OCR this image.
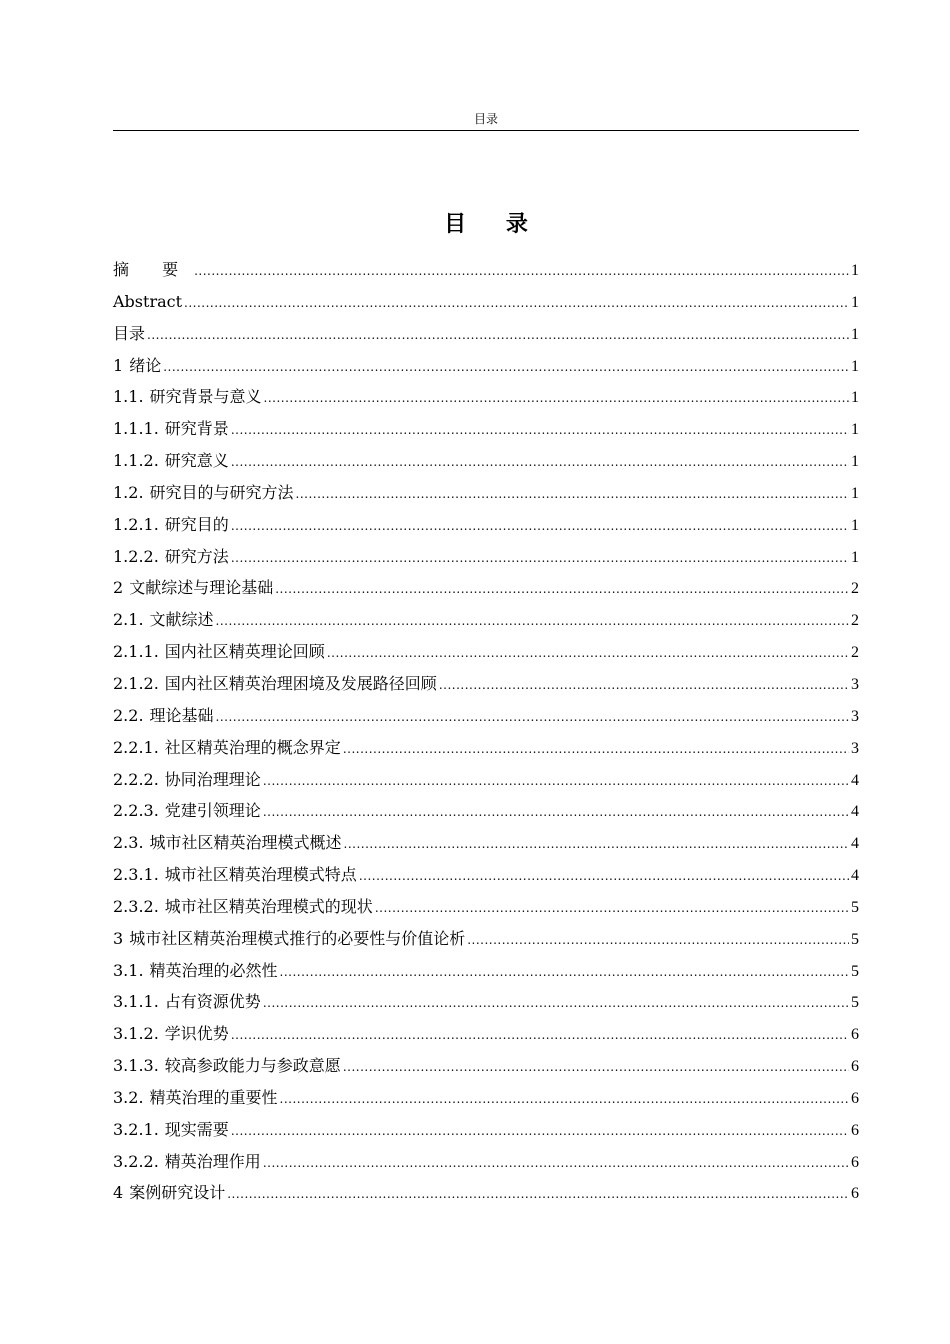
目录
目 录
摘 要 .....	1
Abstract .....	1
目录 .....	1
1 绪论 .....	1
1.1. 研究背景与意义 .....	1
1.1.1. 研究背景 .....	1
1.1.2. 研究意义 .....	1
1.2. 研究目的与研究方法 .....	1
1.2.1. 研究目的 .....	1
1.2.2. 研究方法 .....	1
2 文献综述与理论基础 .....	2
2.1. 文献综述 .....	2
2.1.1. 国内社区精英理论回顾 .....	2
2.1.2. 国内社区精英治理困境及发展路径回顾 .....	3
2.2. 理论基础 .....	3
2.2.1. 社区精英治理的概念界定 .....	3
2.2.2. 协同治理理论 .....	4
2.2.3. 党建引领理论 .....	4
2.3. 城市社区精英治理模式概述 .....	4
2.3.1. 城市社区精英治理模式特点 .....	4
2.3.2. 城市社区精英治理模式的现状 .....	5
3 城市社区精英治理模式推行的必要性与价值论析 .....	5
3.1. 精英治理的必然性 .....	5
3.1.1. 占有资源优势 .....	5
3.1.2. 学识优势 .....	6
3.1.3. 较高参政能力与参政意愿 .....	6
3.2. 精英治理的重要性 .....	6
3.2.1. 现实需要 .....	6
3.2.2. 精英治理作用 .....	6
4 案例研究设计 .....	6
